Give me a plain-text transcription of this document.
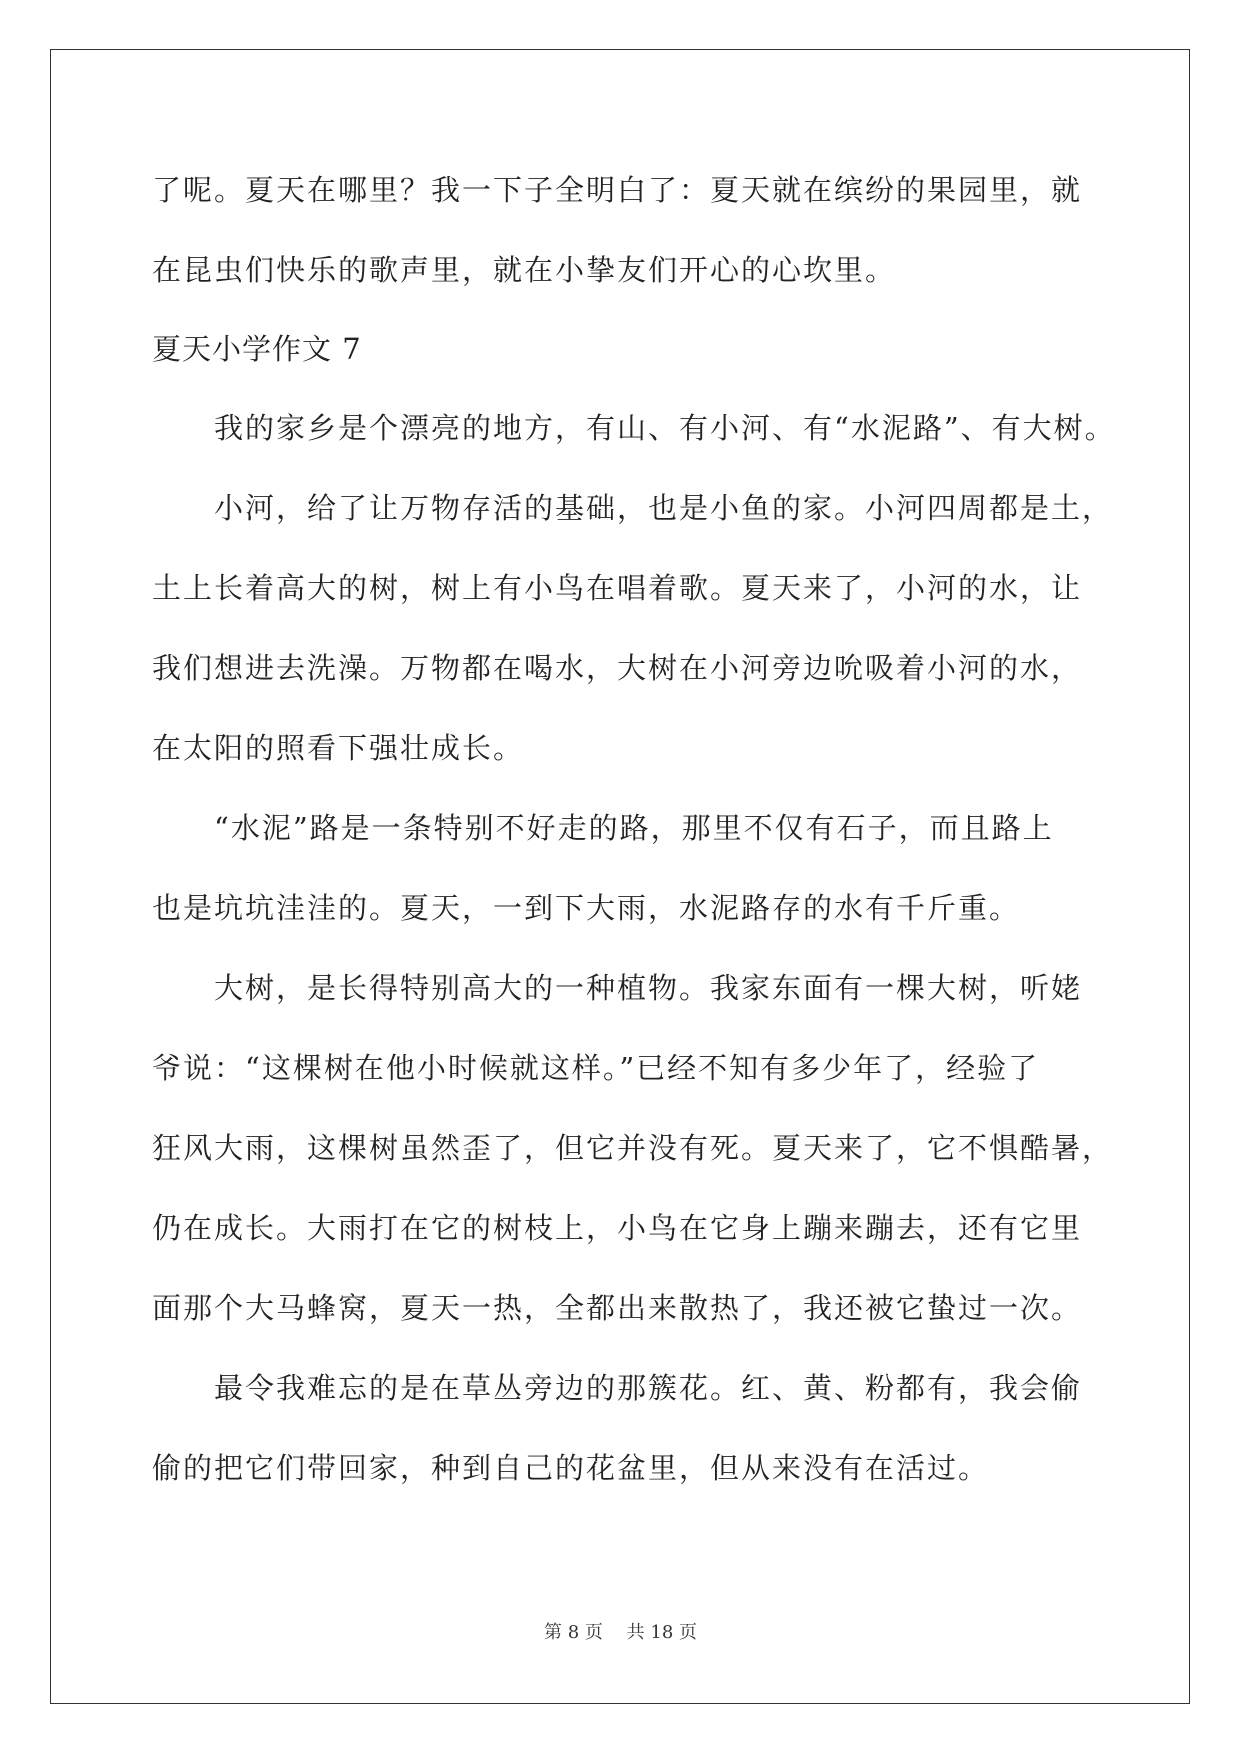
了呢。夏天在哪里？我一下子全明白了：夏天就在缤纷的果园里，就
在昆虫们快乐的歌声里，就在小挚友们开心的心坎里。
夏天小学作文 7
我的家乡是个漂亮的地方，有山、有小河、有“水泥路”、有大树。
小河，给了让万物存活的基础，也是小鱼的家。小河四周都是土，
土上长着高大的树，树上有小鸟在唱着歌。夏天来了，小河的水，让
我们想进去洗澡。万物都在喝水，大树在小河旁边吮吸着小河的水，
在太阳的照看下强壮成长。
“水泥”路是一条特别不好走的路，那里不仅有石子，而且路上
也是坑坑洼洼的。夏天，一到下大雨，水泥路存的水有千斤重。
大树，是长得特别高大的一种植物。我家东面有一棵大树，听姥
爷说：“这棵树在他小时候就这样。”已经不知有多少年了，经验了
狂风大雨，这棵树虽然歪了，但它并没有死。夏天来了，它不惧酷暑，
仍在成长。大雨打在它的树枝上，小鸟在它身上蹦来蹦去，还有它里
面那个大马蜂窝，夏天一热，全都出来散热了，我还被它蛰过一次。
最令我难忘的是在草丛旁边的那簇花。红、黄、粉都有，我会偷
偷的把它们带回家，种到自己的花盆里，但从来没有在活过。
第 8 页 共 18 页
